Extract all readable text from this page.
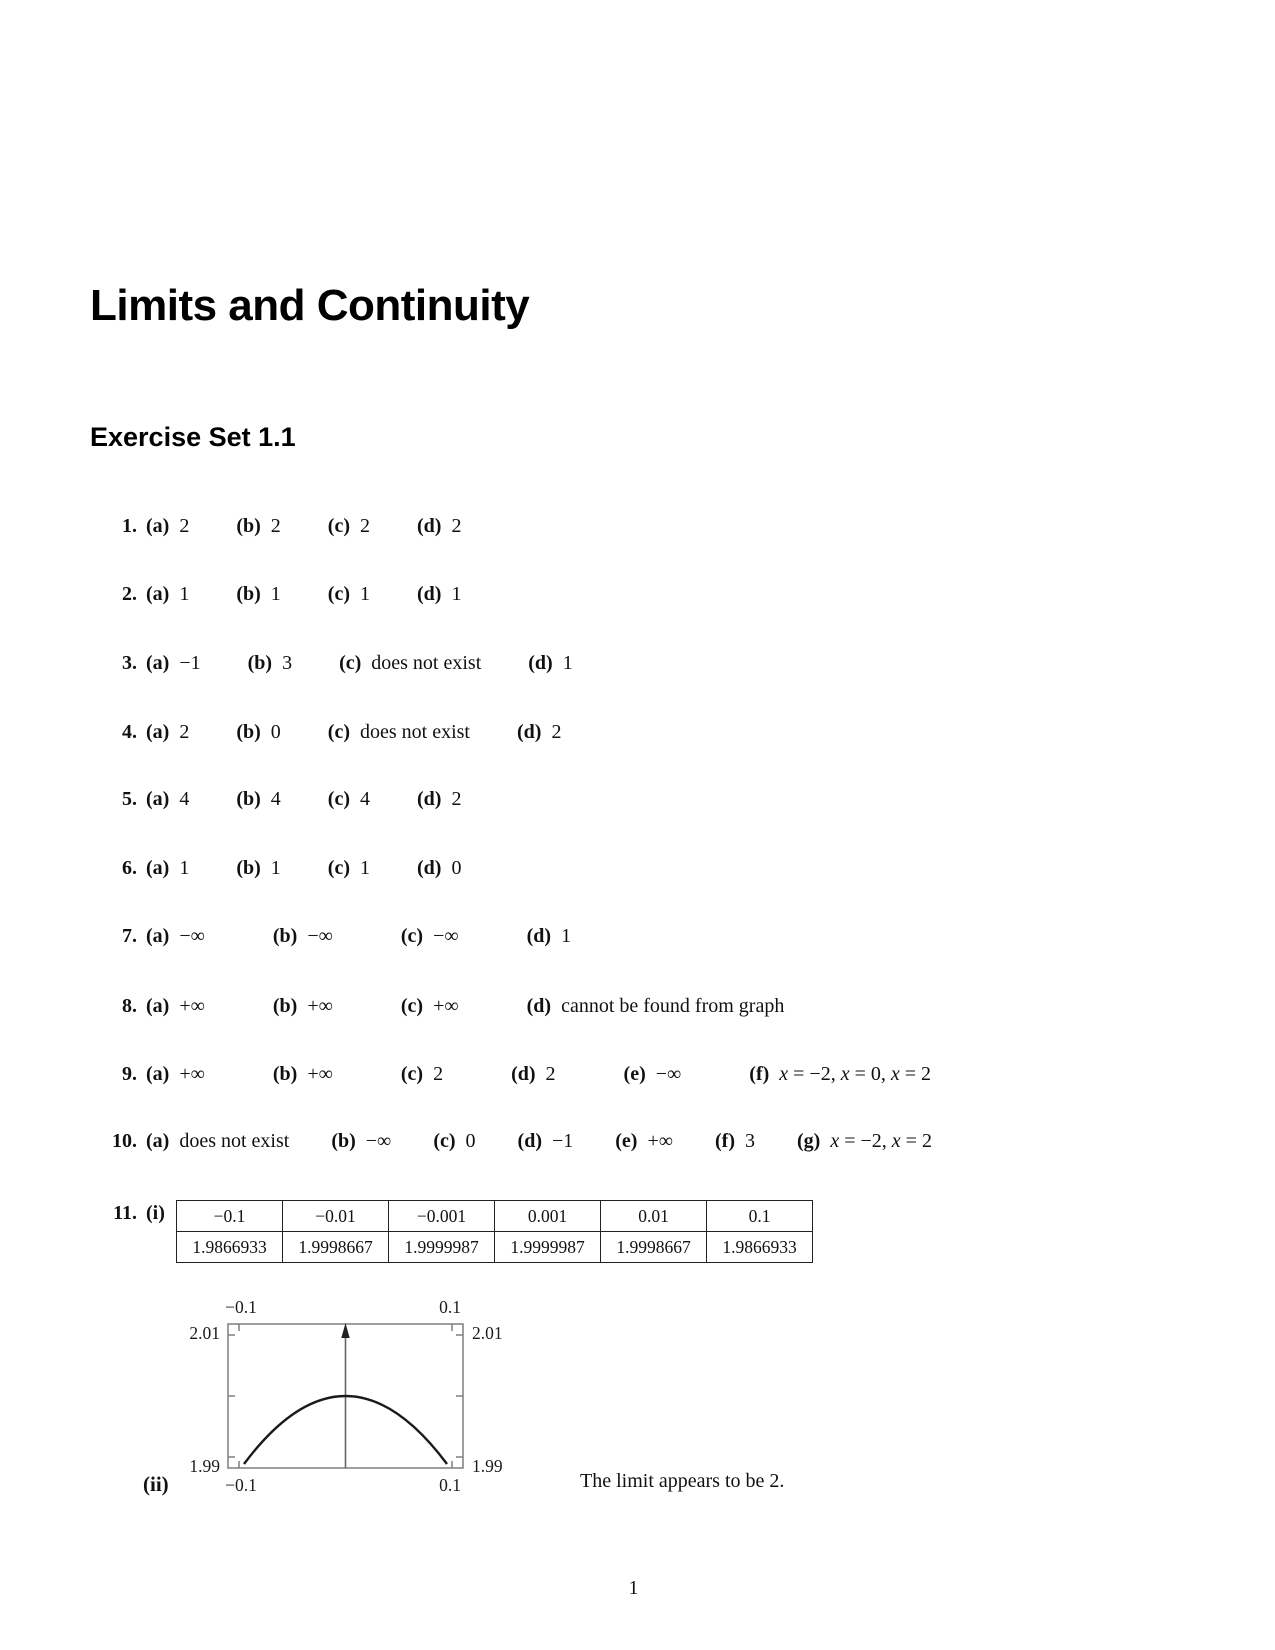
Limits and Continuity
Exercise Set 1.1
1. (a) 2 (b) 2 (c) 2 (d) 2
2. (a) 1 (b) 1 (c) 1 (d) 1
3. (a) −1 (b) 3 (c) does not exist (d) 1
4. (a) 2 (b) 0 (c) does not exist (d) 2
5. (a) 4 (b) 4 (c) 4 (d) 2
6. (a) 1 (b) 1 (c) 1 (d) 0
7. (a) −∞	(b) −∞	(c) −∞	(d) 1
8. (a) +∞	(b) +∞	(c) +∞	(d) cannot be found from graph
9. (a) +∞	(b) +∞	(c) 2	(d) 2	(e) −∞	(f) x = −2, x = 0, x = 2
10. (a) does not exist (b) −∞ (c) 0 (d) −1 (e) +∞ (f) 3 (g) x = −2, x = 2
11. (i)	−0.1	−0.01	−0.001	0.001	0.01	0.1
1.9866933	1.9998667	1.9999987	1.9999987	1.9998667	1.9866933
−0.1	0.1
2.01	2.01
1.99	1.99
−0.1	0.1
(ii)	The limit appears to be 2.
1
